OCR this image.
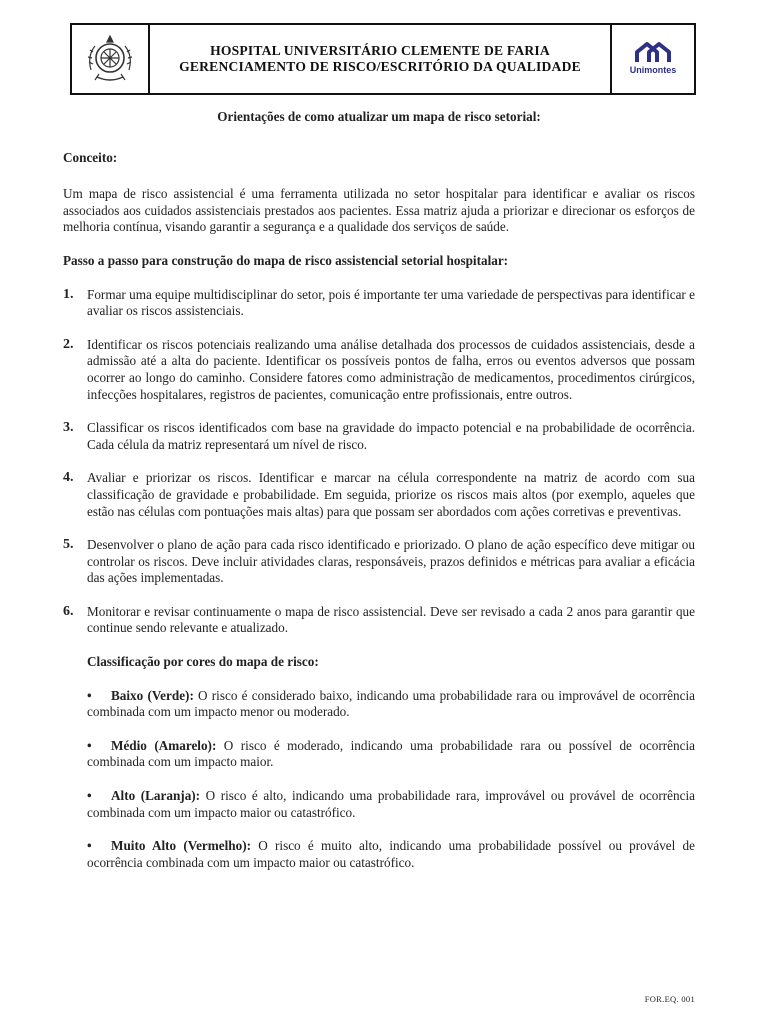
HOSPITAL UNIVERSITÁRIO CLEMENTE DE FARIA
GERENCIAMENTO DE RISCO/ESCRITÓRIO DA QUALIDADE	Unimontes

Orientações de como atualizar um mapa de risco setorial:
Conceito:
Um mapa de risco assistencial é uma ferramenta utilizada no setor hospitalar para identificar e avaliar os riscos associados aos cuidados assistenciais prestados aos pacientes. Essa matriz ajuda a priorizar e direcionar os esforços de melhoria contínua, visando garantir a segurança e a qualidade dos serviços de saúde.
Passo a passo para construção do mapa de risco assistencial setorial hospitalar:
1.	Formar uma equipe multidisciplinar do setor, pois é importante ter uma variedade de perspectivas para identificar e avaliar os riscos assistenciais.
2.	Identificar os riscos potenciais realizando uma análise detalhada dos processos de cuidados assistenciais, desde a admissão até a alta do paciente. Identificar os possíveis pontos de falha, erros ou eventos adversos que possam ocorrer ao longo do caminho. Considere fatores como administração de medicamentos, procedimentos cirúrgicos, infecções hospitalares, registros de pacientes, comunicação entre profissionais, entre outros.
3.	Classificar os riscos identificados com base na gravidade do impacto potencial e na probabilidade de ocorrência. Cada célula da matriz representará um nível de risco.
4.	Avaliar e priorizar os riscos. Identificar e marcar na célula correspondente na matriz de acordo com sua classificação de gravidade e probabilidade. Em seguida, priorize os riscos mais altos (por exemplo, aqueles que estão nas células com pontuações mais altas) para que possam ser abordados com ações corretivas e preventivas.
5.	Desenvolver o plano de ação para cada risco identificado e priorizado. O plano de ação específico deve mitigar ou controlar os riscos. Deve incluir atividades claras, responsáveis, prazos definidos e métricas para avaliar a eficácia das ações implementadas.
6.	Monitorar e revisar continuamente o mapa de risco assistencial. Deve ser revisado a cada 2 anos para garantir que continue sendo relevante e atualizado.
Classificação por cores do mapa de risco:
• Baixo (Verde): O risco é considerado baixo, indicando uma probabilidade rara ou improvável de ocorrência combinada com um impacto menor ou moderado.
• Médio (Amarelo): O risco é moderado, indicando uma probabilidade rara ou possível de ocorrência combinada com um impacto maior.
• Alto (Laranja): O risco é alto, indicando uma probabilidade rara, improvável ou provável de ocorrência combinada com um impacto maior ou catastrófico.
• Muito Alto (Vermelho): O risco é muito alto, indicando uma probabilidade possível ou provável de ocorrência combinada com um impacto maior ou catastrófico.
FOR.EQ. 001
